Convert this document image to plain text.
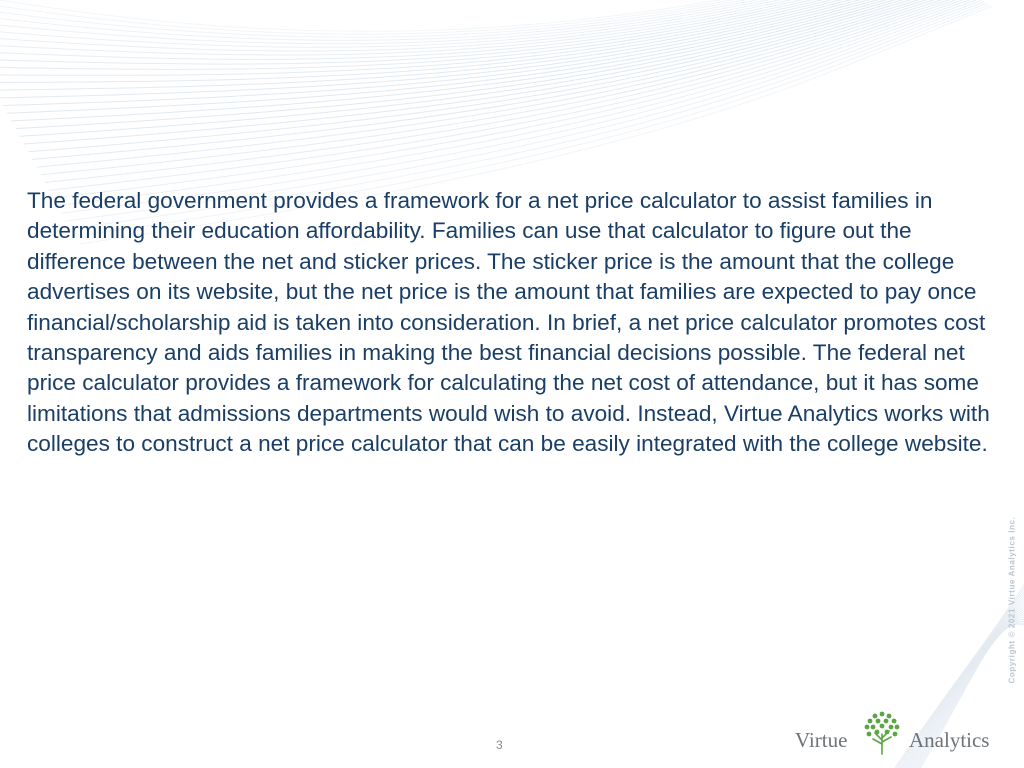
The federal government provides a framework for a net price calculator to assist families in determining their education affordability. Families can use that calculator to figure out the difference between the net and sticker prices. The sticker price is the amount that the college advertises on its website, but the net price is the amount that families are expected to pay once financial/scholarship aid is taken into consideration. In brief, a net price calculator promotes cost transparency and aids families in making the best financial decisions possible. The federal net price calculator provides a framework for calculating the net cost of attendance, but it has some limitations that admissions departments would wish to avoid. Instead, Virtue Analytics works with colleges to construct a net price calculator that can be easily integrated with the college website.

Copyright © 2021 Virtue Analytics Inc.
3	Virtue	Analytics
